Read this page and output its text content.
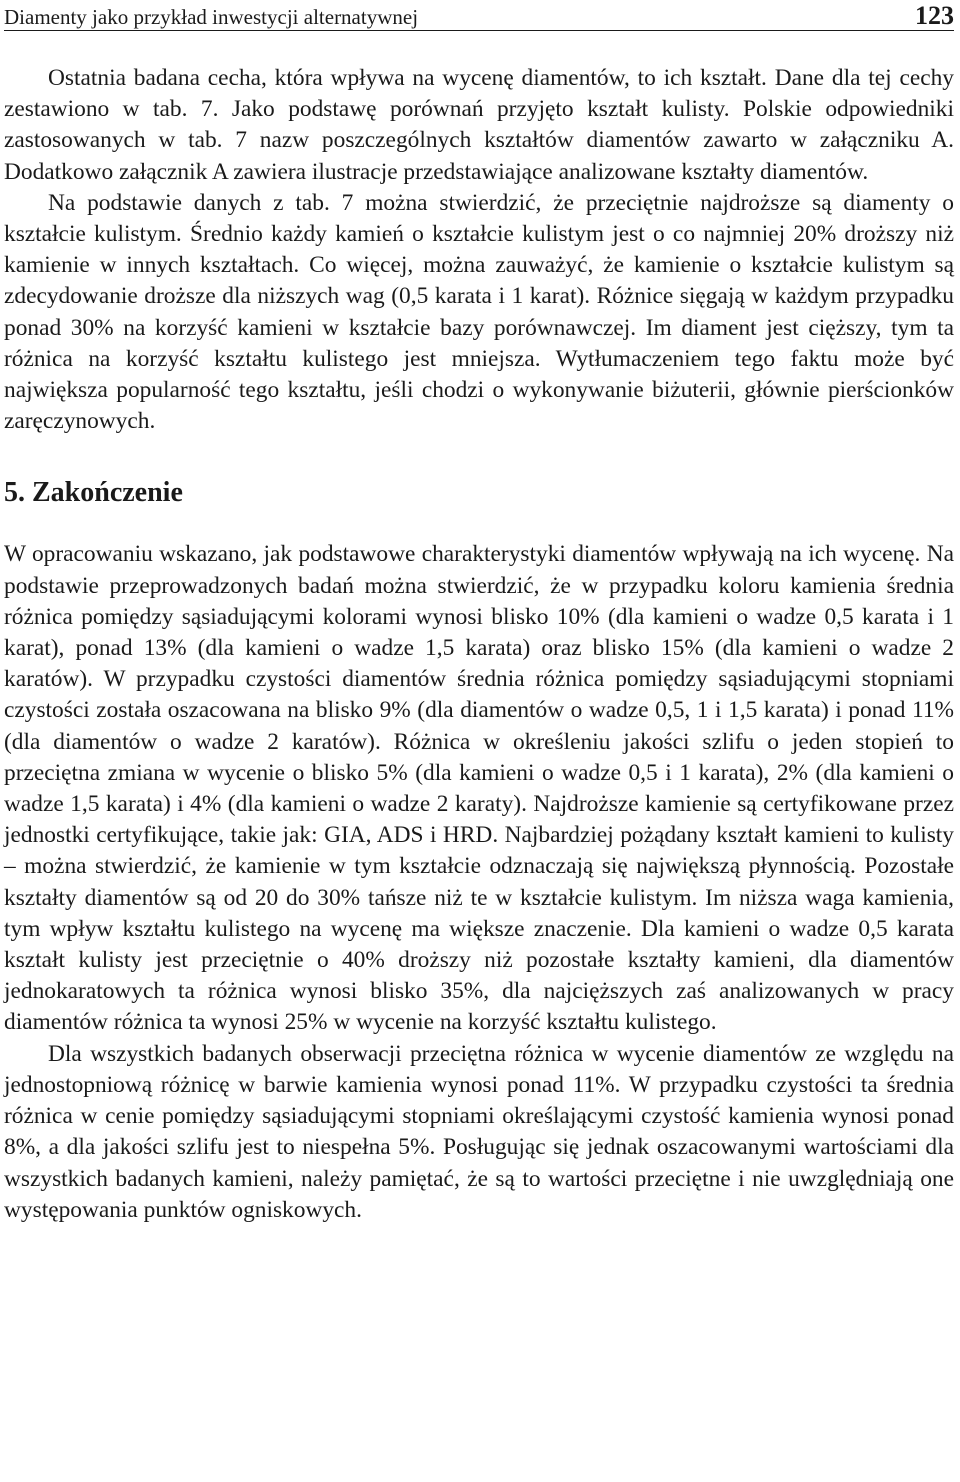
Diamenty jako przykład inwestycji alternatywnej	123

Ostatnia badana cecha, która wpływa na wycenę diamentów, to ich kształt. Dane dla tej cechy zestawiono w tab. 7. Jako podstawę porównań przyjęto kształt kulisty. Polskie odpowiedniki zastosowanych w tab. 7 nazw poszczególnych kształtów diamentów zawarto w załączniku A. Dodatkowo załącznik A zawiera ilustracje przedstawiające analizowane kształty diamentów.

Na podstawie danych z tab. 7 można stwierdzić, że przeciętnie najdroższe są diamenty o kształcie kulistym. Średnio każdy kamień o kształcie kulistym jest o co najmniej 20% droższy niż kamienie w innych kształtach. Co więcej, można zauważyć, że kamienie o kształcie kulistym są zdecydowanie droższe dla niższych wag (0,5 karata i 1 karat). Różnice sięgają w każdym przypadku ponad 30% na korzyść kamieni w kształcie bazy porównawczej. Im diament jest cięższy, tym ta różnica na korzyść kształtu kulistego jest mniejsza. Wytłumaczeniem tego faktu może być największa popularność tego kształtu, jeśli chodzi o wykonywanie biżuterii, głównie pierścionków zaręczynowych.

5. Zakończenie

W opracowaniu wskazano, jak podstawowe charakterystyki diamentów wpływają na ich wycenę. Na podstawie przeprowadzonych badań można stwierdzić, że w przypadku koloru kamienia średnia różnica pomiędzy sąsiadującymi kolorami wynosi blisko 10% (dla kamieni o wadze 0,5 karata i 1 karat), ponad 13% (dla kamieni o wadze 1,5 karata) oraz blisko 15% (dla kamieni o wadze 2 karatów). W przypadku czystości diamentów średnia różnica pomiędzy sąsiadującymi stopniami czystości została oszacowana na blisko 9% (dla diamentów o wadze 0,5, 1 i 1,5 karata) i ponad 11% (dla diamentów o wadze 2 karatów). Różnica w określeniu jakości szlifu o jeden stopień to przeciętna zmiana w wycenie o blisko 5% (dla kamieni o wadze 0,5 i 1 karata), 2% (dla kamieni o wadze 1,5 karata) i 4% (dla kamieni o wadze 2 karaty). Najdroższe kamienie są certyfikowane przez jednostki certyfikujące, takie jak: GIA, ADS i HRD. Najbardziej pożądany kształt kamieni to kulisty – można stwierdzić, że kamienie w tym kształcie odznaczają się największą płynnością. Pozostałe kształty diamentów są od 20 do 30% tańsze niż te w kształcie kulistym. Im niższa waga kamienia, tym wpływ kształtu kulistego na wycenę ma większe znaczenie. Dla kamieni o wadze 0,5 karata kształt kulisty jest przeciętnie o 40% droższy niż pozostałe kształty kamieni, dla diamentów jednokaratowych ta różnica wynosi blisko 35%, dla najcięższych zaś analizowanych w pracy diamentów różnica ta wynosi 25% w wycenie na korzyść kształtu kulistego.

Dla wszystkich badanych obserwacji przeciętna różnica w wycenie diamentów ze względu na jednostopniową różnicę w barwie kamienia wynosi ponad 11%. W przypadku czystości ta średnia różnica w cenie pomiędzy sąsiadującymi stopniami określającymi czystość kamienia wynosi ponad 8%, a dla jakości szlifu jest to niespełna 5%. Posługując się jednak oszacowanymi wartościami dla wszystkich badanych kamieni, należy pamiętać, że są to wartości przeciętne i nie uwzględniają one występowania punktów ogniskowych.
